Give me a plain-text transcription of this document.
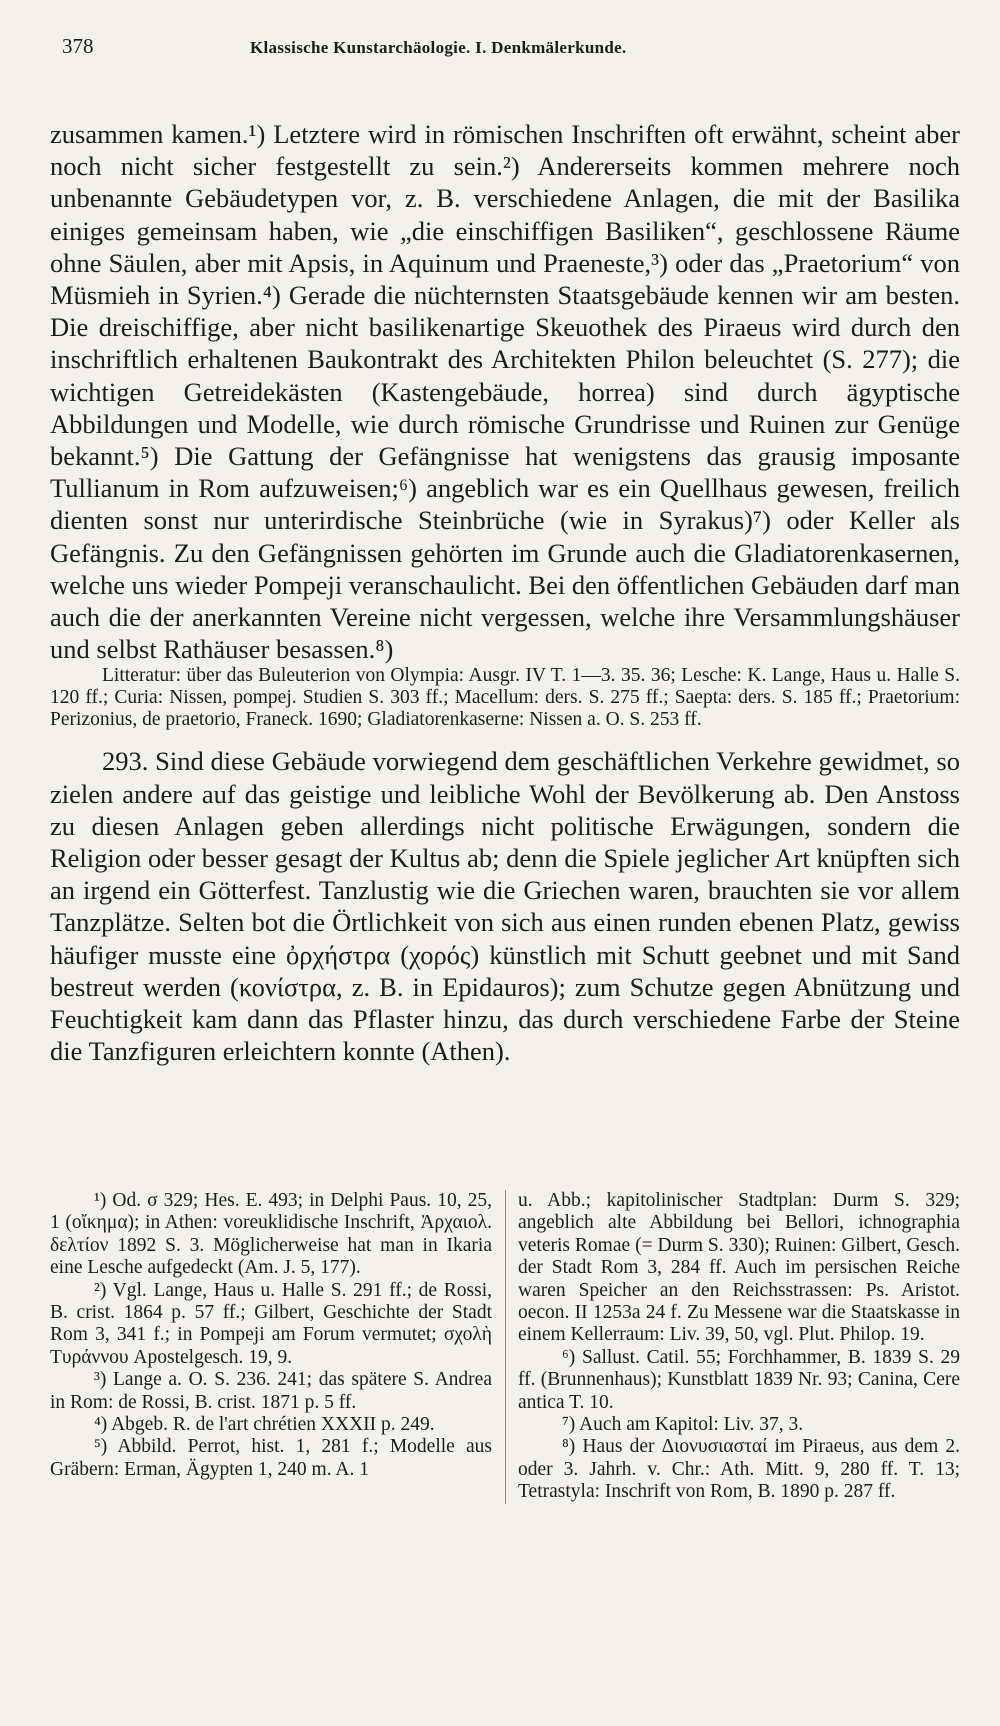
378	Klassische Kunstarchäologie. I. Denkmälerkunde.

zusammen kamen.¹) Letztere wird in römischen Inschriften oft erwähnt, scheint aber noch nicht sicher festgestellt zu sein.²) Andererseits kommen mehrere noch unbenannte Gebäudetypen vor, z. B. verschiedene Anlagen, die mit der Basilika einiges gemeinsam haben, wie „die einschiffigen Basiliken“, geschlossene Räume ohne Säulen, aber mit Apsis, in Aquinum und Praeneste,³) oder das „Praetorium“ von Müsmieh in Syrien.⁴) Gerade die nüchternsten Staatsgebäude kennen wir am besten. Die dreischiffige, aber nicht basilikenartige Skeuothek des Piraeus wird durch den inschriftlich erhaltenen Baukontrakt des Architekten Philon beleuchtet (S. 277); die wichtigen Getreidekästen (Kastengebäude, horrea) sind durch ägyptische Abbildungen und Modelle, wie durch römische Grundrisse und Ruinen zur Genüge bekannt.⁵) Die Gattung der Gefängnisse hat wenigstens das grausig imposante Tullianum in Rom aufzuweisen;⁶) angeblich war es ein Quellhaus gewesen, freilich dienten sonst nur unterirdische Steinbrüche (wie in Syrakus)⁷) oder Keller als Gefängnis. Zu den Gefängnissen gehörten im Grunde auch die Gladiatorenkasernen, welche uns wieder Pompeji veranschaulicht. Bei den öffentlichen Gebäuden darf man auch die der anerkannten Vereine nicht vergessen, welche ihre Versammlungshäuser und selbst Rathäuser besassen.⁸)

Litteratur: über das Buleuterion von Olympia: Ausgr. IV T. 1—3. 35. 36; Lesche: K. Lange, Haus u. Halle S. 120 ff.; Curia: Nissen, pompej. Studien S. 303 ff.; Macellum: ders. S. 275 ff.; Saepta: ders. S. 185 ff.; Praetorium: Perizonius, de praetorio, Franeck. 1690; Gladiatorenkaserne: Nissen a. O. S. 253 ff.

293. Sind diese Gebäude vorwiegend dem geschäftlichen Verkehre gewidmet, so zielen andere auf das geistige und leibliche Wohl der Bevölkerung ab. Den Anstoss zu diesen Anlagen geben allerdings nicht politische Erwägungen, sondern die Religion oder besser gesagt der Kultus ab; denn die Spiele jeglicher Art knüpften sich an irgend ein Götterfest. Tanzlustig wie die Griechen waren, brauchten sie vor allem Tanzplätze. Selten bot die Örtlichkeit von sich aus einen runden ebenen Platz, gewiss häufiger musste eine ὀρχήστρα (χορός) künstlich mit Schutt geebnet und mit Sand bestreut werden (κονίστρα, z. B. in Epidauros); zum Schutze gegen Abnützung und Feuchtigkeit kam dann das Pflaster hinzu, das durch verschiedene Farbe der Steine die Tanzfiguren erleichtern konnte (Athen).

¹) Od. σ 329; Hes. E. 493; in Delphi Paus. 10, 25, 1 (οἴκημα); in Athen: voreuklidische Inschrift, Ἀρχαιολ. δελτίον 1892 S. 3. Möglicherweise hat man in Ikaria eine Lesche aufgedeckt (Am. J. 5, 177).

²) Vgl. Lange, Haus u. Halle S. 291 ff.; de Rossi, B. crist. 1864 p. 57 ff.; Gilbert, Geschichte der Stadt Rom 3, 341 f.; in Pompeji am Forum vermutet; σχολὴ Τυράννου Apostelgesch. 19, 9.

³) Lange a. O. S. 236. 241; das spätere S. Andrea in Rom: de Rossi, B. crist. 1871 p. 5 ff.

⁴) Abgeb. R. de l'art chrétien XXXII p. 249.

⁵) Abbild. Perrot, hist. 1, 281 f.; Modelle aus Gräbern: Erman, Ägypten 1, 240 m. A. 1

u. Abb.; kapitolinischer Stadtplan: Durm S. 329; angeblich alte Abbildung bei Bellori, ichnographia veteris Romae (= Durm S. 330); Ruinen: Gilbert, Gesch. der Stadt Rom 3, 284 ff. Auch im persischen Reiche waren Speicher an den Reichsstrassen: Ps. Aristot. oecon. II 1253a 24 f. Zu Messene war die Staatskasse in einem Kellerraum: Liv. 39, 50, vgl. Plut. Philop. 19.

⁶) Sallust. Catil. 55; Forchhammer, B. 1839 S. 29 ff. (Brunnenhaus); Kunstblatt 1839 Nr. 93; Canina, Cere antica T. 10.

⁷) Auch am Kapitol: Liv. 37, 3.

⁸) Haus der Διονυσιασταί im Piraeus, aus dem 2. oder 3. Jahrh. v. Chr.: Ath. Mitt. 9, 280 ff. T. 13; Tetrastyla: Inschrift von Rom, B. 1890 p. 287 ff.
